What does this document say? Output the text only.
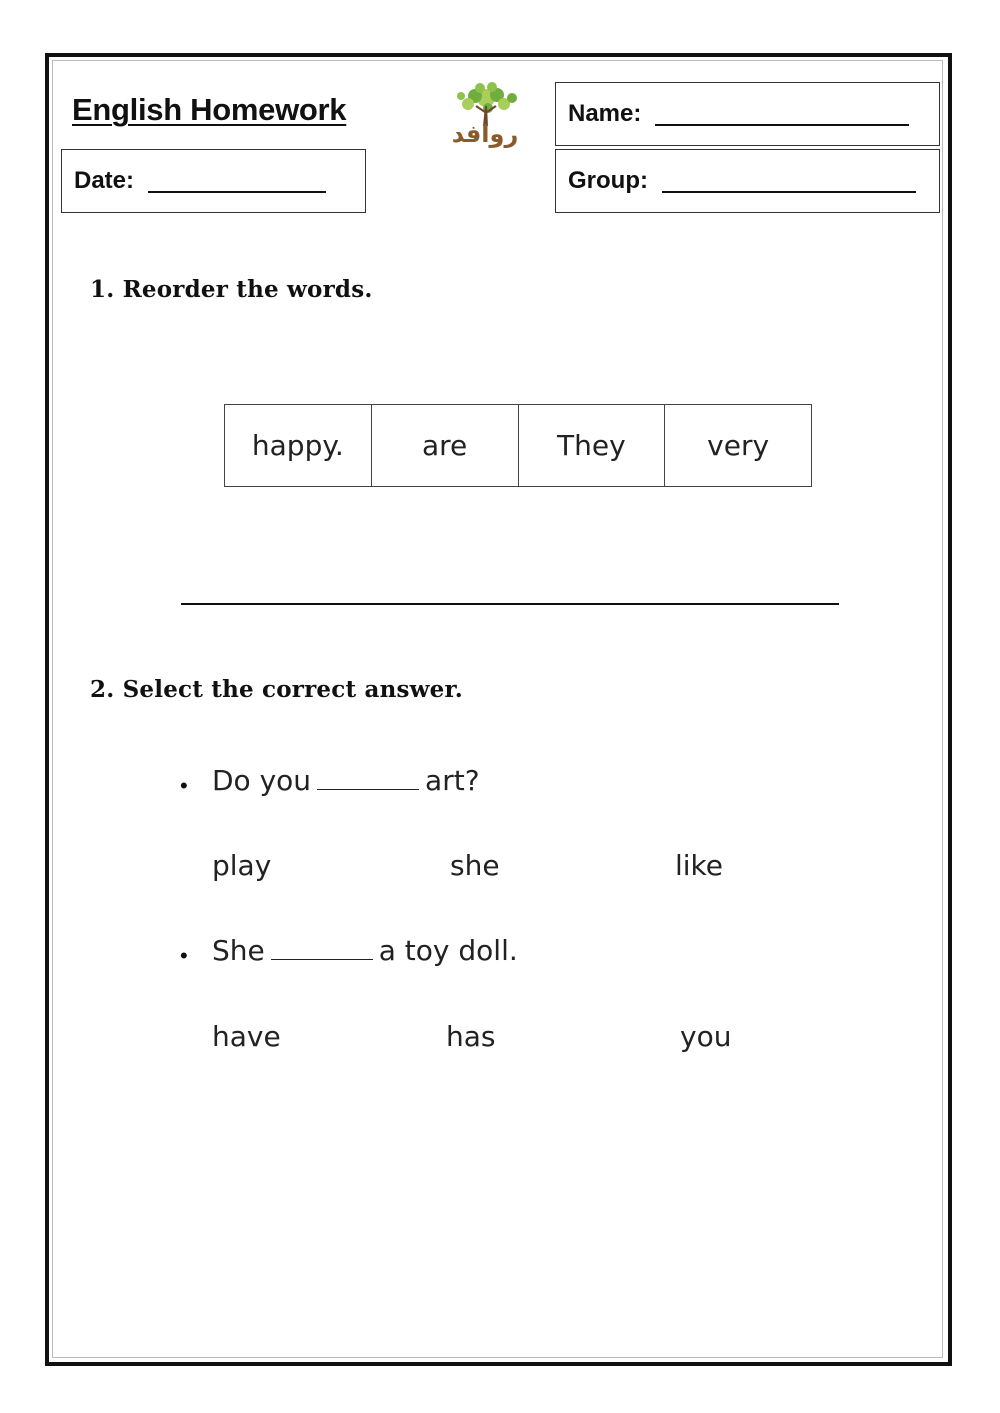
English Homework	Name:
Date:	Group:
روافد
1. Reorder the words.
happy.	are	They	very
2. Select the correct answer.
• Do you	art?
play	she	like
• She	a toy doll.
have	has	you
